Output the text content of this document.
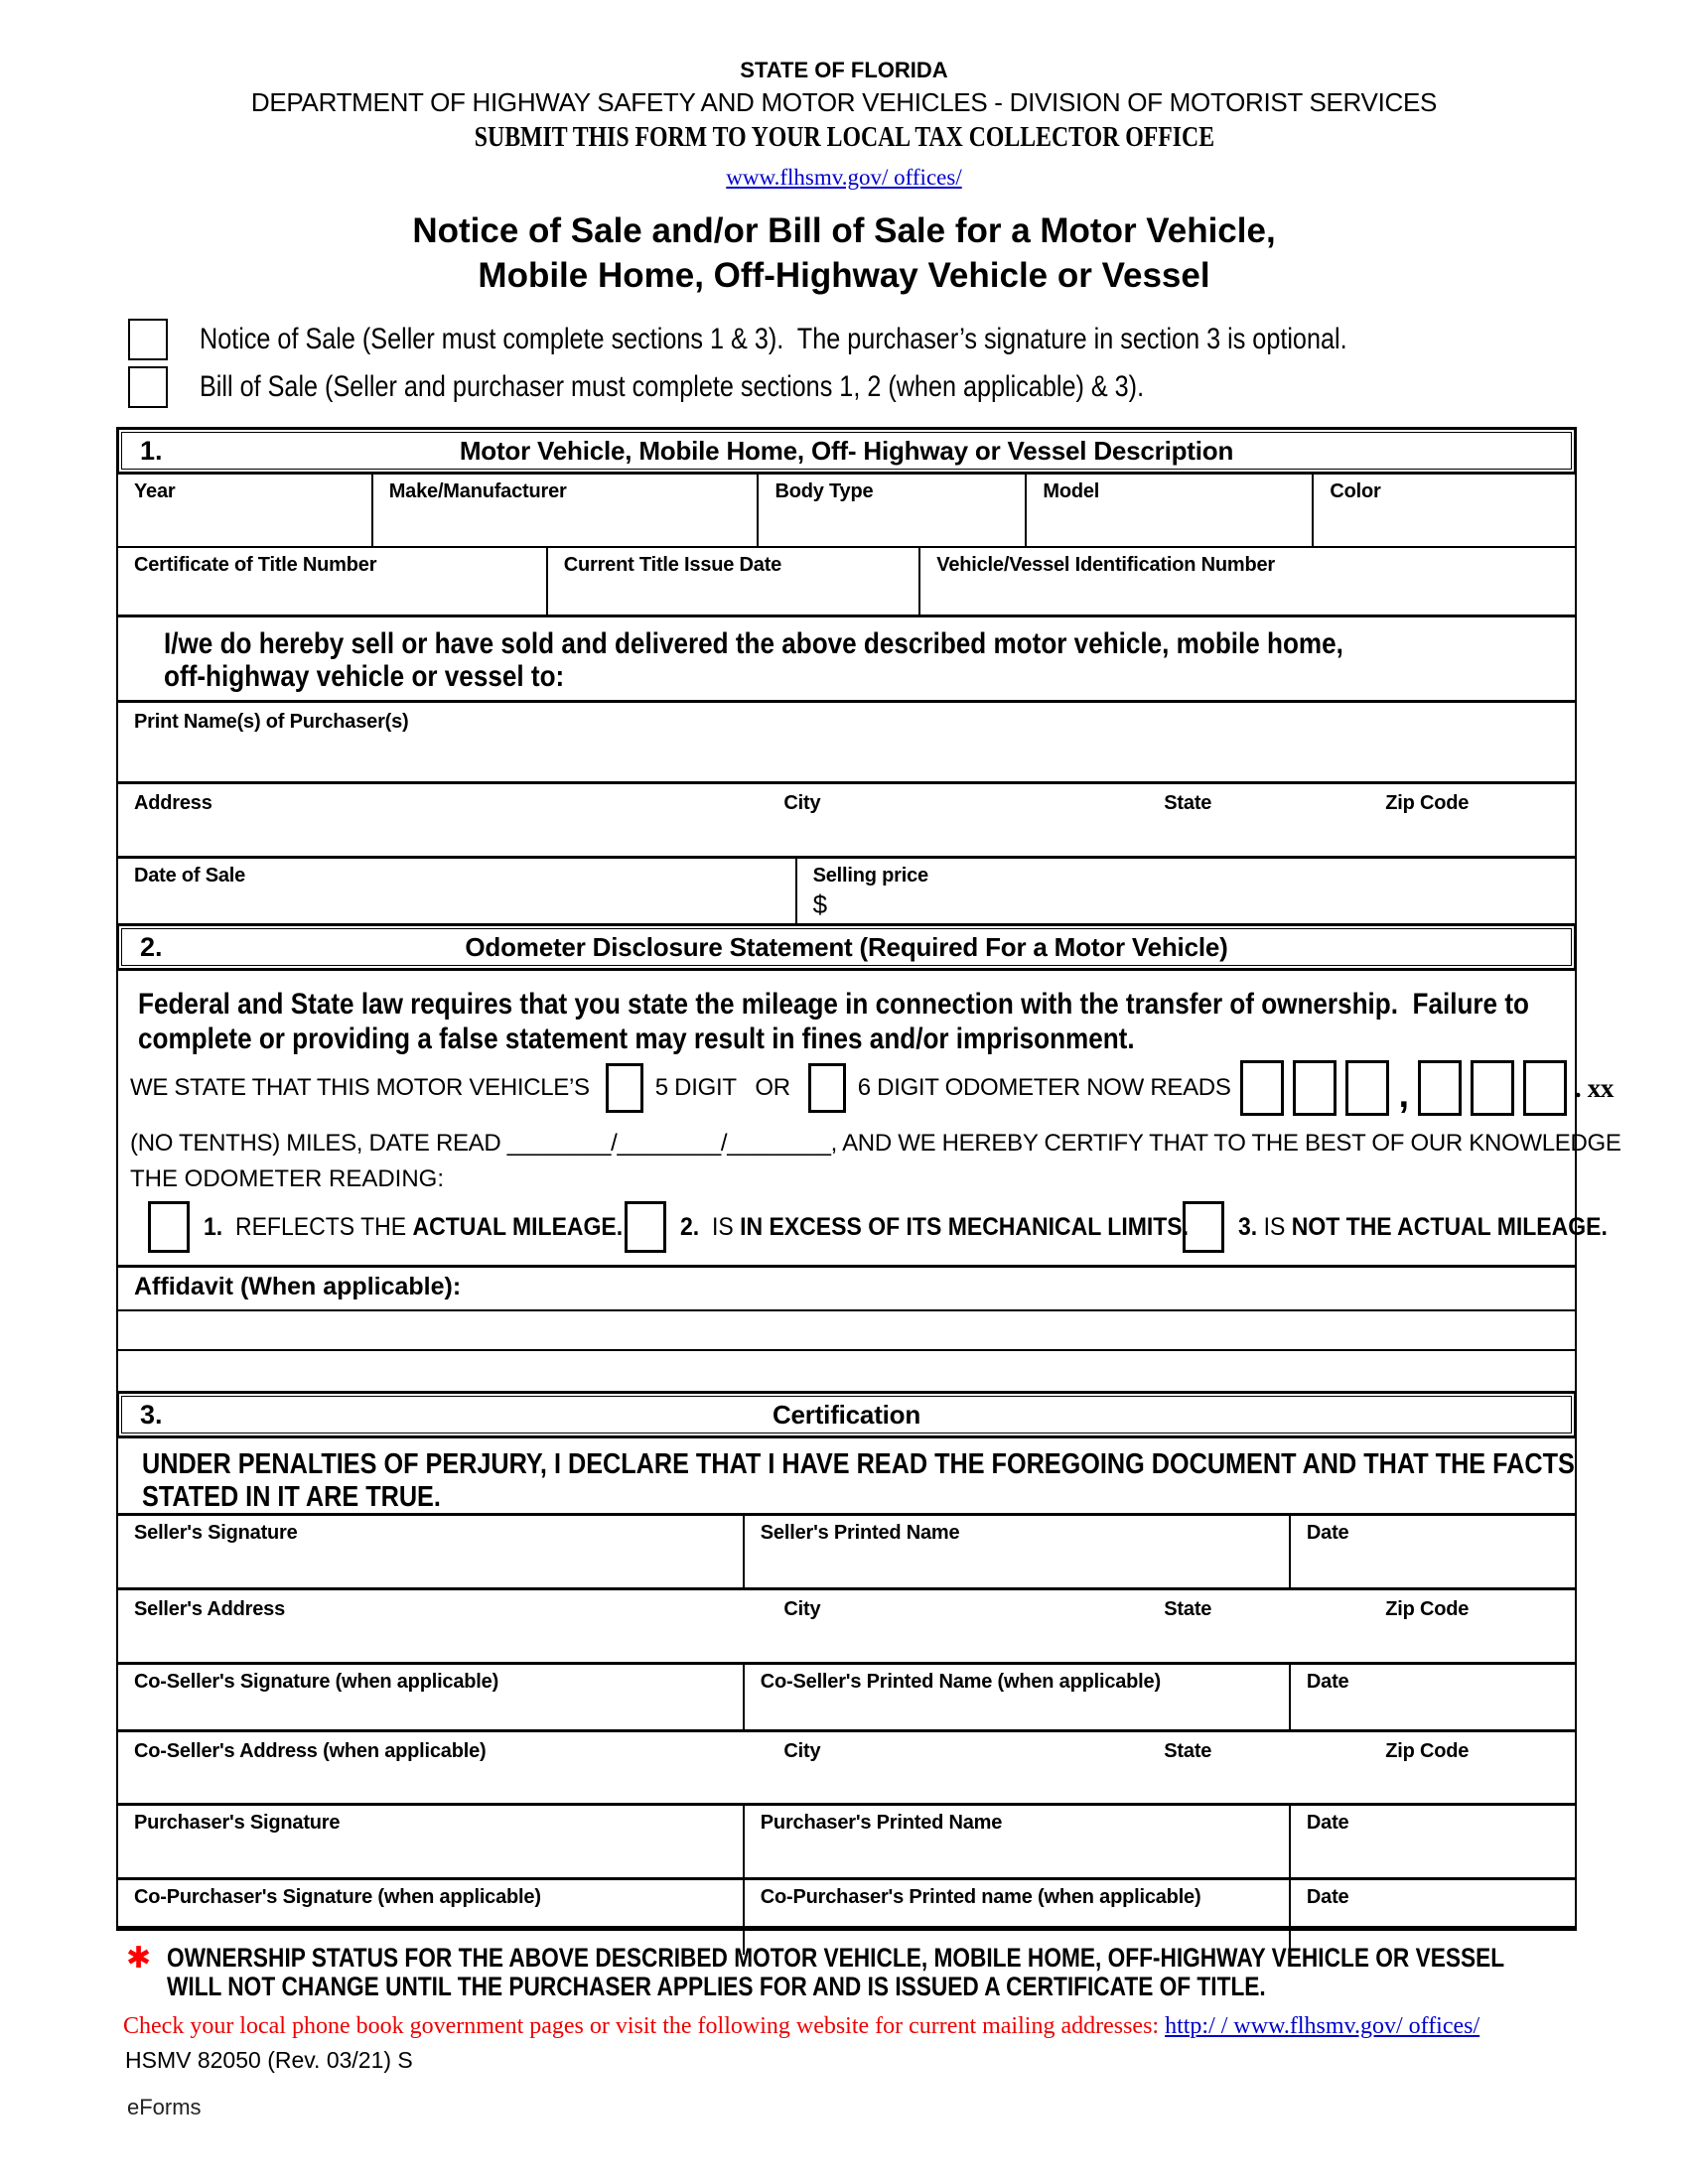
STATE OF FLORIDA
DEPARTMENT OF HIGHWAY SAFETY AND MOTOR VEHICLES - DIVISION OF MOTORIST SERVICES
SUBMIT THIS FORM TO YOUR LOCAL TAX COLLECTOR OFFICE
www.flhsmv.gov/ offices/
Notice of Sale and/or Bill of Sale for a Motor Vehicle,
Mobile Home, Off-Highway Vehicle or Vessel
Notice of Sale (Seller must complete sections 1 & 3).  The purchaser’s signature in section 3 is optional.
Bill of Sale (Seller and purchaser must complete sections 1, 2 (when applicable) & 3).
1.	Motor Vehicle, Mobile Home, Off- Highway or Vessel Description
Year	Make/Manufacturer	Body Type	Model	Color
Certificate of Title Number	Current Title Issue Date	Vehicle/Vessel Identification Number
I/we do hereby sell or have sold and delivered the above described motor vehicle, mobile home,
off-highway vehicle or vessel to:
Print Name(s) of Purchaser(s)
Address	City	State	Zip Code
Date of Sale	Selling price
$
2.	Odometer Disclosure Statement (Required For a Motor Vehicle)
Federal and State law requires that you state the mileage in connection with the transfer of ownership.  Failure to
complete or providing a false statement may result in fines and/or imprisonment.
WE STATE THAT THIS MOTOR VEHICLE’S	5 DIGIT   OR	6 DIGIT ODOMETER NOW READS	,	. xx
(NO TENTHS) MILES, DATE READ ________/________/________, AND WE HEREBY CERTIFY THAT TO THE BEST OF OUR KNOWLEDGE
THE ODOMETER READING:
1.  REFLECTS THE ACTUAL MILEAGE. 2.  IS IN EXCESS OF ITS MECHANICAL LIMITS. 3. IS NOT THE ACTUAL MILEAGE.
Affidavit (When applicable):
3.	Certification
UNDER PENALTIES OF PERJURY, I DECLARE THAT I HAVE READ THE FOREGOING DOCUMENT AND THAT THE FACTS
STATED IN IT ARE TRUE.
Seller's Signature	Seller's Printed Name	Date
Seller's Address	City	State	Zip Code
Co-Seller's Signature (when applicable)	Co-Seller's Printed Name (when applicable)	Date
Co-Seller's Address (when applicable)	City	State	Zip Code
Purchaser's Signature	Purchaser's Printed Name	Date
Co-Purchaser's Signature (when applicable)	Co-Purchaser's Printed name (when applicable)	Date
✱ OWNERSHIP STATUS FOR THE ABOVE DESCRIBED MOTOR VEHICLE, MOBILE HOME, OFF-HIGHWAY VEHICLE OR VESSEL
WILL NOT CHANGE UNTIL THE PURCHASER APPLIES FOR AND IS ISSUED A CERTIFICATE OF TITLE.
Check your local phone book government pages or visit the following website for current mailing addresses: http:/ / www.flhsmv.gov/ offices/
HSMV 82050 (Rev. 03/21) S
eForms
